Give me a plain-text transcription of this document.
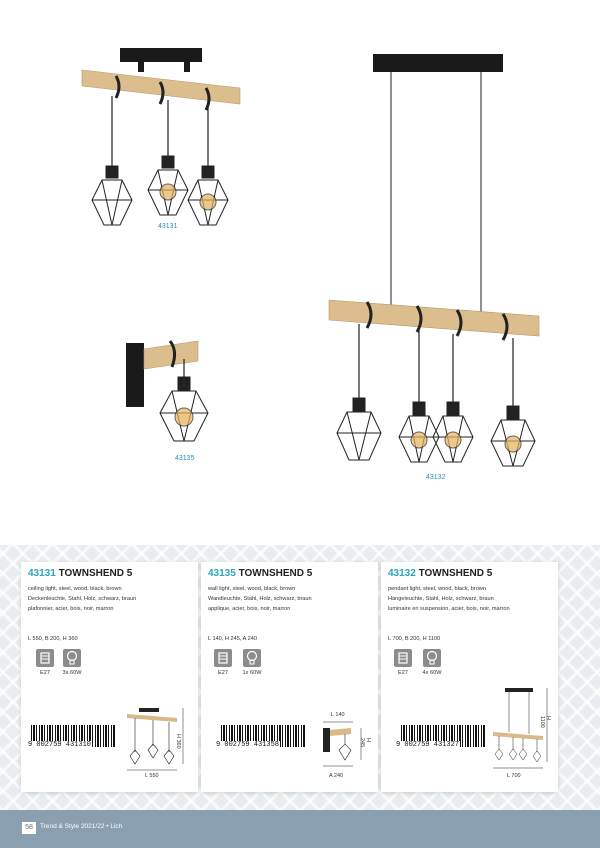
43131
43135
43132
43131 TOWNSHEND 5
ceiling light, steel, wood, black, brown
Deckenleuchte, Stahl, Holz, schwarz, braun
plafonnier, acier, bois, noir, marron
L 550, B 200, H 360
E27	3x 60W
9 002759 431310	H 360
L 550
43135 TOWNSHEND 5
wall light, steel, wood, black, brown
Wandleuchte, Stahl, Holz, schwarz, braun
applique, acier, bois, noir, marron
L 140, H 245, A 240
E27	1x 60W
9 002759 431358
L 140
H 245
A 240
43132 TOWNSHEND 5
pendant light, steel, wood, black, brown
Hängeleuchte, Stahl, Holz, schwarz, braun
luminaire en suspension, acier, bois, noir, marron
L 700, B 200, H 1100
E27	4x 60W
9 002759 431327
H 1100
L 700
58	Trend & Style 2021/22 • Lich
